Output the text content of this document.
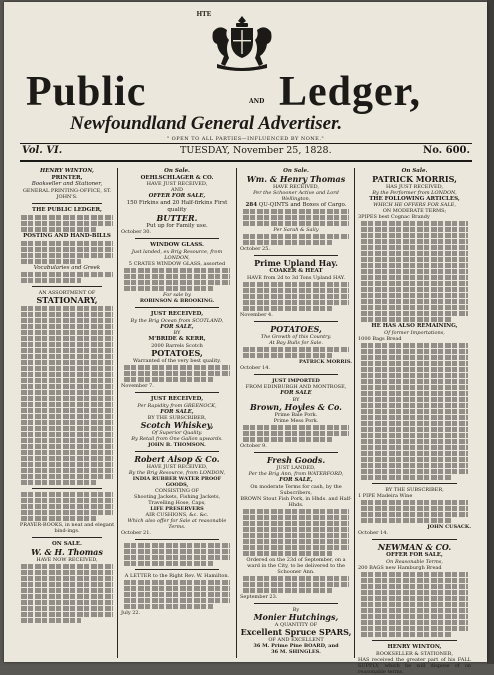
HTE
Public	AND Ledger,
Newfoundland General Advertiser.
" OPEN TO ALL PARTIES—INFLUENCED BY NONE."
Vol. VI.	TUESDAY, November 25, 1828.	No. 600.

HENRY WINTON,

PRINTER,

Bookseller and Stationer,

GENERAL PRINTING-OFFICE, ST. JOHN'S.

THE PUBLIC LEDGER,

POSTING AND HAND-BILLS

Vocabularies and Greek

AN ASSORTMENT OF

STATIONARY,

PRAYER-BOOKS, in neat and elegant bind-ings.

ON SALE.

W. & H. Thomas

HAVE NOW RECEIVED,

On Sale.

OEHLSCHLAGER & CO.

HAVE JUST RECEIVED,

AND

OFFER FOR SALE,

150 Firkins and 20 Half-firkins First quality

BUTTER.

Put up for Family use.

October 30.

WINDOW GLASS.

Just landed, ex Brig Resource, from LONDON,

5 CRATES WINDOW GLASS, assorted

For sale by

ROBINSON & BROOKING.

JUST RECEIVED,

By the Brig Ocean from SCOTLAND,

FOR SALE,

BY

M'BRIDE & KERR,

2000 Barrels Scotch

POTATOES,

Warranted of the very best quality.

November 7.

JUST RECEIVED,

Per Rapidity from GREENOCK,

FOR SALE,

BY THE SUBSCRIBER,

Scotch Whiskey,

Of Superior Quality.

By Retail from One Gallon upwards.

JOHN B. THOMSON.

Robert Alsop & Co.

HAVE JUST RECEIVED,

By the Brig Resource, from LONDON,

INDIA RUBBER WATER PROOF GOODS,

CONSISTING OF

Shooting Jackets, Fishing Jackets,

Travelling Hose, Caps,

LIFE PRESERVERS

AIR CUSHIONS, &c. &c.

Which also offer for Sale at reasonable Terms.

October 21.

A LETTER to the Right Rev. W. Hamilton.

July 22.

On Sale.

Wm. & Henry Thomas

HAVE RECEIVED,

Per the Schooner Active and Lord Wellington,

284 QU-QINTS and Boxes of Cargo.

Per Sarah & Sally

October 25.

Prime Upland Hay.

COAKER & HEAT

HAVE from 2d to 3d Tons Upland HAY.

November 4.

POTATOES,

The Growth of this Country.

At Bay Bulls for Sale.

PATRICK MORRIS.

October 14.

JUST IMPORTED

FROM EDINBURGH AND MONTROSE,

FOR SALE

BY

Brown, Hoyles & Co.

Prime Bale Pork.

Prime Mess Pork.

October 9.

Fresh Goods.

JUST LANDED,

Per the Brig Ann, from WATERFORD,

FOR SALE,

On moderate Terms for cash, by the Subscribers,

BROWN Stout Fish Pork, in Hhds. and Half-Hhds.

Ordered on the 23d of September, on a ward in the City, to be delivered to the Schooner Ann.

September 23.

By

Monier Hutchings,

A QUANTITY OF

Excellent Spruce SPARS,

OF AND EXCELLENT

36 M. Prime Pine BOARD, and

36 M. SHINGLES.

On Sale.

PATRICK MORRIS,

HAS JUST RECEIVED,

By the Performer from LONDON,

THE FOLLOWING ARTICLES,

WHICH HE OFFERS FOR SALE,

ON MODERATE TERMS;

3PIPES best Cognac Brandy

HE HAS ALSO REMAINING,

Of former Importations,

1000 Bags Bread

BY THE SUBSCRIBER,

1 PIPE Madeira Wine

JOHN CUSACK.

October 14.

NEWMAN & CO.

OFFER FOR SALE,

On Reasonable Terms,

200 BAGS new Hamburgh Bread

HENRY WINTON,

BOOKSELLER & STATIONER,

HAS received the greater part of his FALL SUPPLY, which he will dispose of on reasonable terms.
